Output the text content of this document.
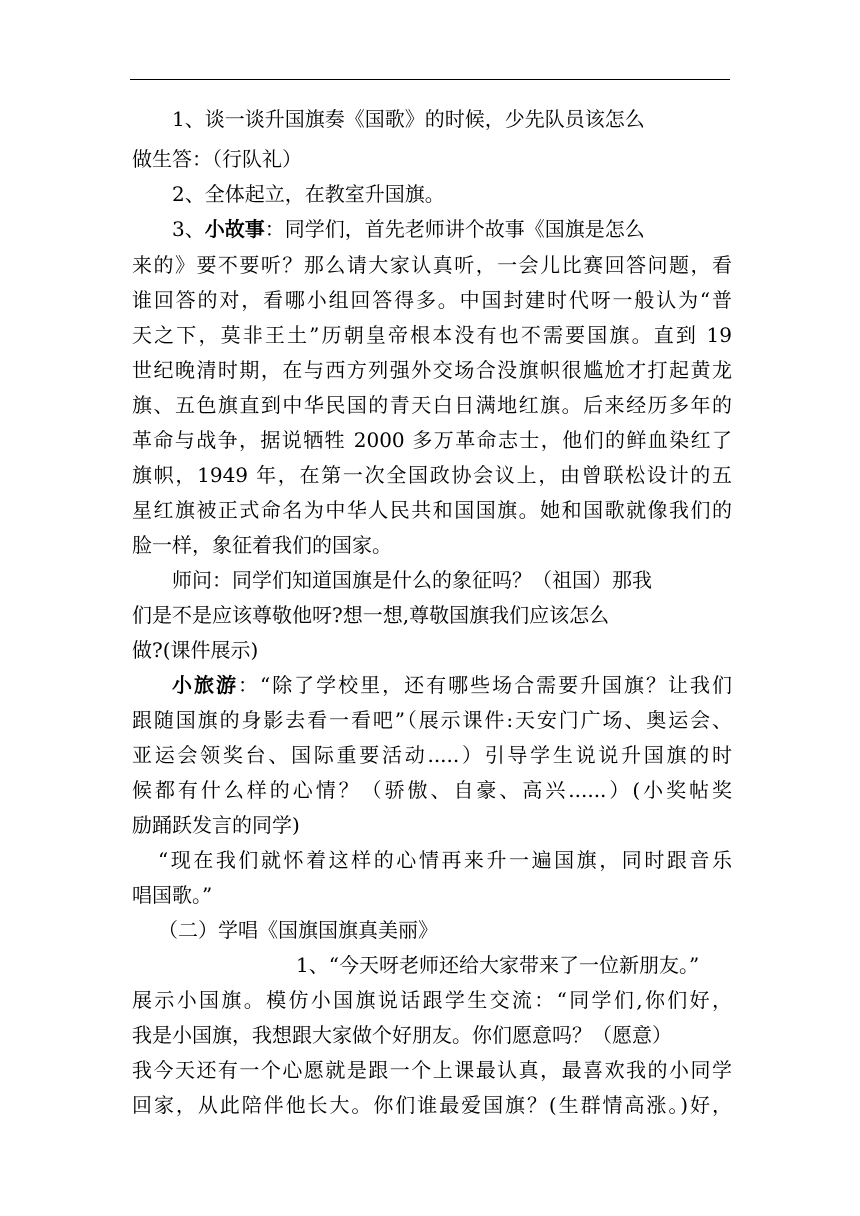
1、谈一谈升国旗奏《国歌》的时候，少先队员该怎么
做生答：（行队礼）
2、全体起立，在教室升国旗。
3、小故事：同学们，首先老师讲个故事《国旗是怎么
来的》要不要听？那么请大家认真听，一会儿比赛回答问题，看
谁回答的对，看哪小组回答得多。中国封建时代呀一般认为“普
天之下，莫非王土”历朝皇帝根本没有也不需要国旗。直到 19
世纪晚清时期，在与西方列强外交场合没旗帜很尴尬才打起黄龙
旗、五色旗直到中华民国的青天白日满地红旗。后来经历多年的
革命与战争，据说牺牲 2000 多万革命志士，他们的鲜血染红了
旗帜，1949 年，在第一次全国政协会议上，由曾联松设计的五
星红旗被正式命名为中华人民共和国国旗。她和国歌就像我们的
脸一样，象征着我们的国家。
师问：同学们知道国旗是什么的象征吗？（祖国）那我
们是不是应该尊敬他呀?想一想,尊敬国旗我们应该怎么
做?(课件展示)
小旅游：“除了学校里，还有哪些场合需要升国旗？让我们
跟随国旗的身影去看一看吧”（展示课件:天安门广场、奥运会、
亚运会领奖台、国际重要活动.....）引导学生说说升国旗的时
候都有什么样的心情？（骄傲、自豪、高兴......）(小奖帖奖
励踊跃发言的同学)
“现在我们就怀着这样的心情再来升一遍国旗，同时跟音乐
唱国歌。”
（二）学唱《国旗国旗真美丽》
1、“今天呀老师还给大家带来了一位新朋友。”
展示小国旗。模仿小国旗说话跟学生交流：“同学们,你们好，
我是小国旗，我想跟大家做个好朋友。你们愿意吗？（愿意）
我今天还有一个心愿就是跟一个上课最认真，最喜欢我的小同学
回家，从此陪伴他长大。你们谁最爱国旗？(生群情高涨。)好，
